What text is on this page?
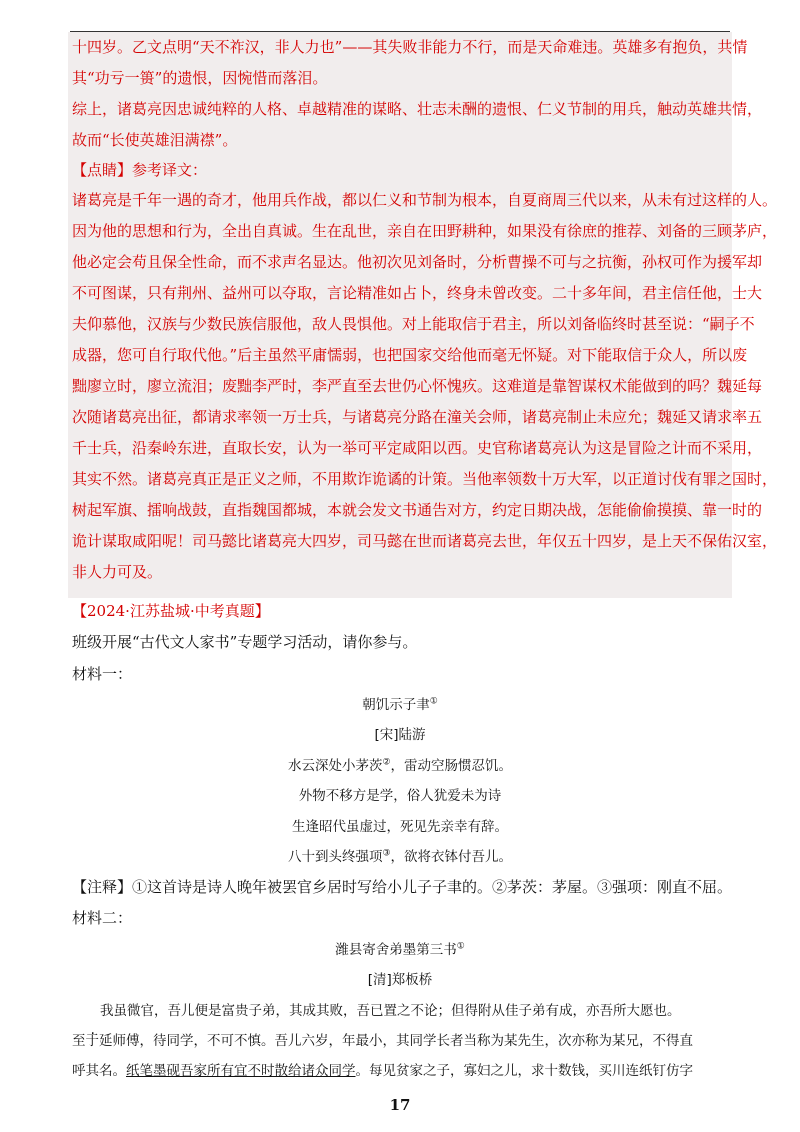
十四岁。乙文点明“天不祚汉，非人力也”——其失败非能力不行，而是天命难违。英雄多有抱负，共情
其“功亏一篑”的遗恨，因惋惜而落泪。
综上，诸葛亮因忠诚纯粹的人格、卓越精准的谋略、壮志未酬的遗恨、仁义节制的用兵，触动英雄共情，
故而“长使英雄泪满襟”。
【点睛】参考译文：
诸葛亮是千年一遇的奇才，他用兵作战，都以仁义和节制为根本，自夏商周三代以来，从未有过这样的人。
因为他的思想和行为，全出自真诚。生在乱世，亲自在田野耕种，如果没有徐庶的推荐、刘备的三顾茅庐，
他必定会苟且保全性命，而不求声名显达。他初次见刘备时，分析曹操不可与之抗衡，孙权可作为援军却
不可图谋，只有荆州、益州可以夺取，言论精准如占卜，终身未曾改变。二十多年间，君主信任他，士大
夫仰慕他，汉族与少数民族信服他，敌人畏惧他。对上能取信于君主，所以刘备临终时甚至说：“嗣子不
成器，您可自行取代他。”后主虽然平庸懦弱，也把国家交给他而毫无怀疑。对下能取信于众人，所以废
黜廖立时，廖立流泪；废黜李严时，李严直至去世仍心怀愧疚。这难道是靠智谋权术能做到的吗？魏延每
次随诸葛亮出征，都请求率领一万士兵，与诸葛亮分路在潼关会师，诸葛亮制止未应允；魏延又请求率五
千士兵，沿秦岭东进，直取长安，认为一举可平定咸阳以西。史官称诸葛亮认为这是冒险之计而不采用，
其实不然。诸葛亮真正是正义之师，不用欺诈诡谲的计策。当他率领数十万大军，以正道讨伐有罪之国时，
树起军旗、擂响战鼓，直指魏国都城，本就会发文书通告对方，约定日期决战，怎能偷偷摸摸、靠一时的
诡计谋取咸阳呢！司马懿比诸葛亮大四岁，司马懿在世而诸葛亮去世，年仅五十四岁，是上天不保佑汉室，
非人力可及。
【2024·江苏盐城·中考真题】
班级开展“古代文人家书”专题学习活动，请你参与。
材料一：
朝饥示子聿①
[宋]陆游
水云深处小茅茨②，雷动空肠惯忍饥。
外物不移方是学，俗人犹爱未为诗
生逢昭代虽虚过，死见先亲幸有辞。
八十到头终强项③，欲将衣钵付吾儿。
【注释】①这首诗是诗人晚年被罢官乡居时写给小儿子子聿的。②茅茨：茅屋。③强项：刚直不屈。
材料二：
潍县寄舍弟墨第三书①
[清]郑板桥
我虽微官，吾儿便是富贵子弟，其成其败，吾已置之不论；但得附从佳子弟有成，亦吾所大愿也。
至于延师傅，待同学，不可不慎。吾儿六岁，年最小，其同学长者当称为某先生，次亦称为某兄，不得直
呼其名。纸笔墨砚吾家所有宜不时散给诸众同学。每见贫家之子，寡妇之儿，求十数钱，买川连纸钉仿字
17
